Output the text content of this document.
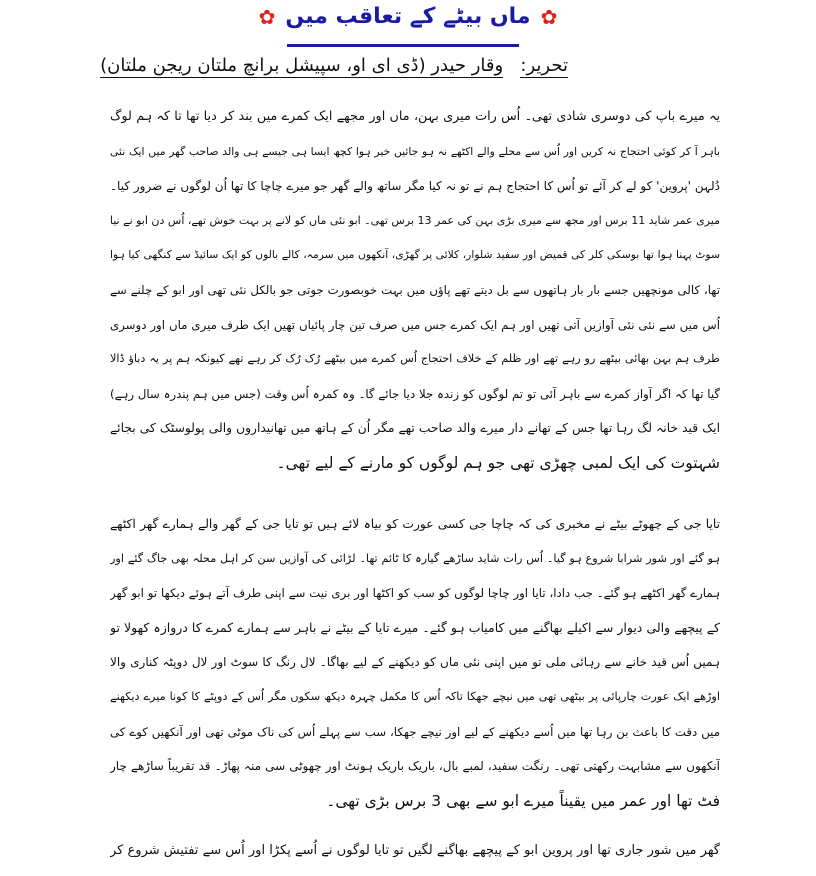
✿
ماں بیٹے کے تعاقب میں
✿
تحریر:   وقار حیدر (ڈی ای او، سپیشل برانچ ملتان ریجن ملتان)
یہ میرے باپ کی دوسری شادی تھی۔ اُس رات میری بہن، ماں اور مجھے ایک کمرے میں بند کر دیا تھا تا کہ ہم لوگ
باہر آ کر کوئی احتجاج نہ کریں اور اُس سے محلے والے اکٹھے نہ ہو جائیں خیر ہوا کچھ ایسا ہی جیسے ہی والد صاحب گھر میں ایک نئی
دُلہن 'پروین' کو لے کر آئے تو اُس کا احتجاج ہم نے تو نہ کیا مگر ساتھ والے گھر جو میرے چاچا کا تھا اُن لوگوں نے ضرور کیا۔
میری عمر شاید 11 برس اور مجھ سے میری بڑی بہن کی عمر 13 برس تھی۔ ابو نئی ماں کو لانے پر بہت خوش تھے، اُس دن ابو نے نیا
سوٹ پہنا ہوا تھا بوسکی کلر کی قمیض اور سفید شلوار، کلائی پر گھڑی، آنکھوں میں سرمہ، کالے بالوں کو ایک سائیڈ سے کنگھی کیا ہوا
تھا، کالی مونچھیں جسے بار بار ہاتھوں سے بل دیتے تھے پاؤں میں بہت خوبصورت جوتی جو بالکل نئی تھی اور ابو کے چلنے سے
اُس میں سے نئی نئی آوازیں آتی تھیں اور ہم ایک کمرے جس میں صرف تین چار پائیاں تھیں ایک طرف میری ماں اور دوسری
طرف ہم بہن بھائی بیٹھے رو رہے تھے اور ظلم کے خلاف احتجاج اُس کمرے میں بیٹھے رُک رُک کر رہے تھے کیونکہ ہم پر یہ دباؤ ڈالا
گیا تھا کہ اگر آواز کمرے سے باہر آئی تو تم لوگوں کو زندہ جلا دیا جائے گا۔ وہ کمرہ اُس وقت (جس میں ہم پندرہ سال رہے)
ایک قید خانہ لگ رہا تھا جس کے تھانے دار میرے والد صاحب تھے مگر اُن کے ہاتھ میں تھانیداروں والی پولوسٹک کی بجائے
شہتوت کی ایک لمبی چھڑی تھی جو ہم لوگوں کو مارنے کے لیے تھی۔
تایا جی کے چھوٹے بیٹے نے مخبری کی کہ چاچا جی کسی عورت کو بیاہ لائے ہیں تو تایا جی کے گھر والے ہمارے گھر اکٹھے
ہو گئے اور شور شرابا شروع ہو گیا۔ اُس رات شاید ساڑھے گیارہ کا ٹائم تھا۔ لڑائی کی آوازیں سن کر اہل محلہ بھی جاگ گئے اور
ہمارے گھر اکٹھے ہو گئے۔ جب دادا، تایا اور چاچا لوگوں کو سب کو اکٹھا اور بری نیت سے اپنی طرف آتے ہوئے دیکھا تو ابو گھر
کے پیچھے والی دیوار سے اکیلے بھاگنے میں کامیاب ہو گئے۔ میرے تایا کے بیٹے نے باہر سے ہمارے کمرے کا دروازہ کھولا تو
ہمیں اُس قید خانے سے رہائی ملی تو میں اپنی نئی ماں کو دیکھنے کے لیے بھاگا۔ لال رنگ کا سوٹ اور لال دوپٹہ کناری والا
اوڑھے ایک عورت چارپائی پر بیٹھی تھی میں نیچے جھکا تاکہ اُس کا مکمل چہرہ دیکھ سکوں مگر اُس کے دوپٹے کا کونا میرے دیکھنے
میں دقت کا باعث بن رہا تھا میں اُسے دیکھنے کے لیے اور نیچے جھکا، سب سے پہلے اُس کی ناک موٹی تھی اور آنکھیں کوے کی
آنکھوں سے مشابہت رکھتی تھی۔ رنگت سفید، لمبے بال، باریک باریک ہونٹ اور چھوٹی سی منہ پھاڑ۔ قد تقریباً ساڑھے چار
فٹ تھا اور عمر میں یقیناً میرے ابو سے بھی 3 برس بڑی تھی۔
گھر میں شور جاری تھا اور پروین ابو کے پیچھے بھاگنے لگیں تو تایا لوگوں نے اُسے پکڑا اور اُس سے تفتیش شروع کر
